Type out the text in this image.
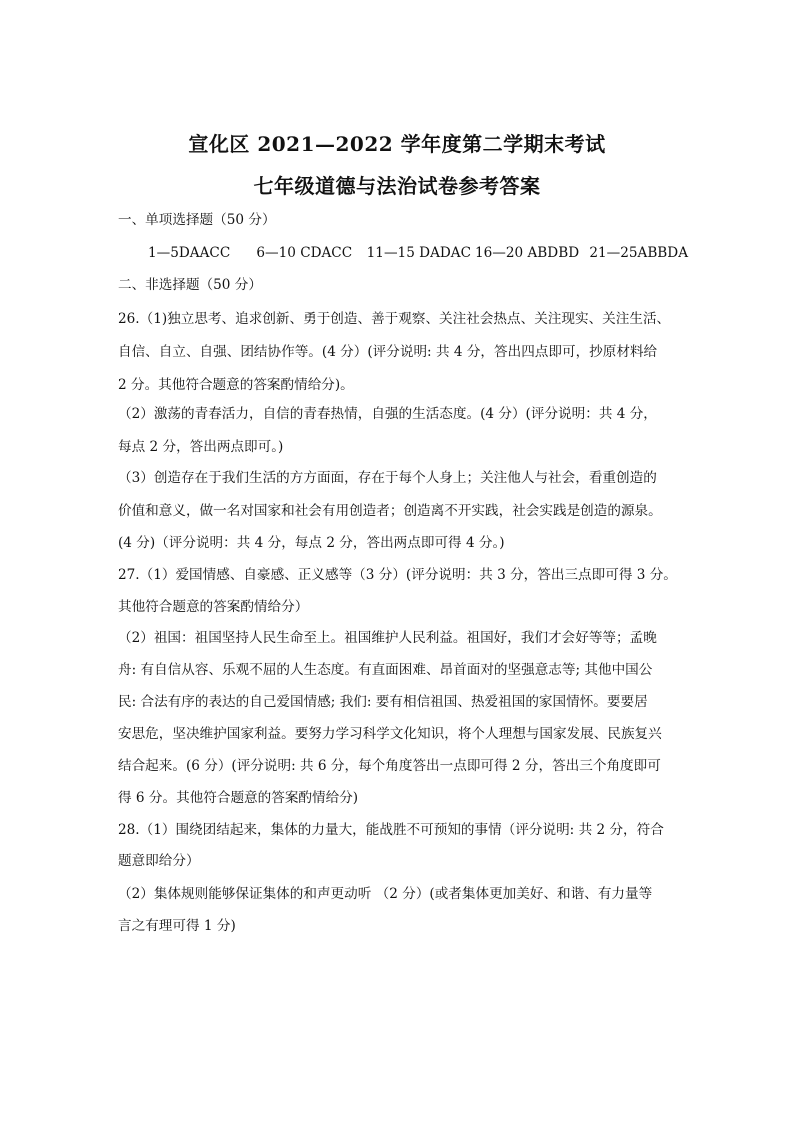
宣化区 2021—2022 学年度第二学期末考试
七年级道德与法治试卷参考答案
一、单项选择题（50 分）
1—5DAACC 6—10 CDACC 11—15 DADAC 16—20 ABDBD 21—25ABBDA
二、非选择题（50 分）
26.（1)独立思考、追求创新、勇于创造、善于观察、关注社会热点、关注现实、关注生活、
自信、自立、自强、团结协作等。(4 分）(评分说明: 共 4 分，答出四点即可，抄原材料给
2 分。其他符合题意的答案酌情给分)。
（2）激荡的青春活力，自信的青春热情，自强的生活态度。(4 分）(评分说明：共 4 分，
每点 2 分，答出两点即可。)
（3）创造存在于我们生活的方方面面，存在于每个人身上；关注他人与社会，看重创造的
价值和意义，做一名对国家和社会有用创造者；创造离不开实践，社会实践是创造的源泉。
(4 分)（评分说明：共 4 分，每点 2 分，答出两点即可得 4 分。)
27.（1）爱国情感、自豪感、正义感等（3 分）(评分说明：共 3 分，答出三点即可得 3 分。
其他符合题意的答案酌情给分）
（2）祖国：祖国坚持人民生命至上。祖国维护人民利益。祖国好，我们才会好等等；孟晚
舟: 有自信从容、乐观不屈的人生态度。有直面困难、昂首面对的坚强意志等; 其他中国公
民: 合法有序的表达的自己爱国情感; 我们: 要有相信祖国、热爱祖国的家国情怀。要要居
安思危，坚决维护国家利益。要努力学习科学文化知识，将个人理想与国家发展、民族复兴
结合起来。(6 分）(评分说明: 共 6 分，每个角度答出一点即可得 2 分，答出三个角度即可
得 6 分。其他符合题意的答案酌情给分)
28.（1）围绕团结起来，集体的力量大，能战胜不可预知的事情（评分说明: 共 2 分，符合
题意即给分）
（2）集体规则能够保证集体的和声更动听 （2 分）(或者集体更加美好、和谐、有力量等
言之有理可得 1 分)
